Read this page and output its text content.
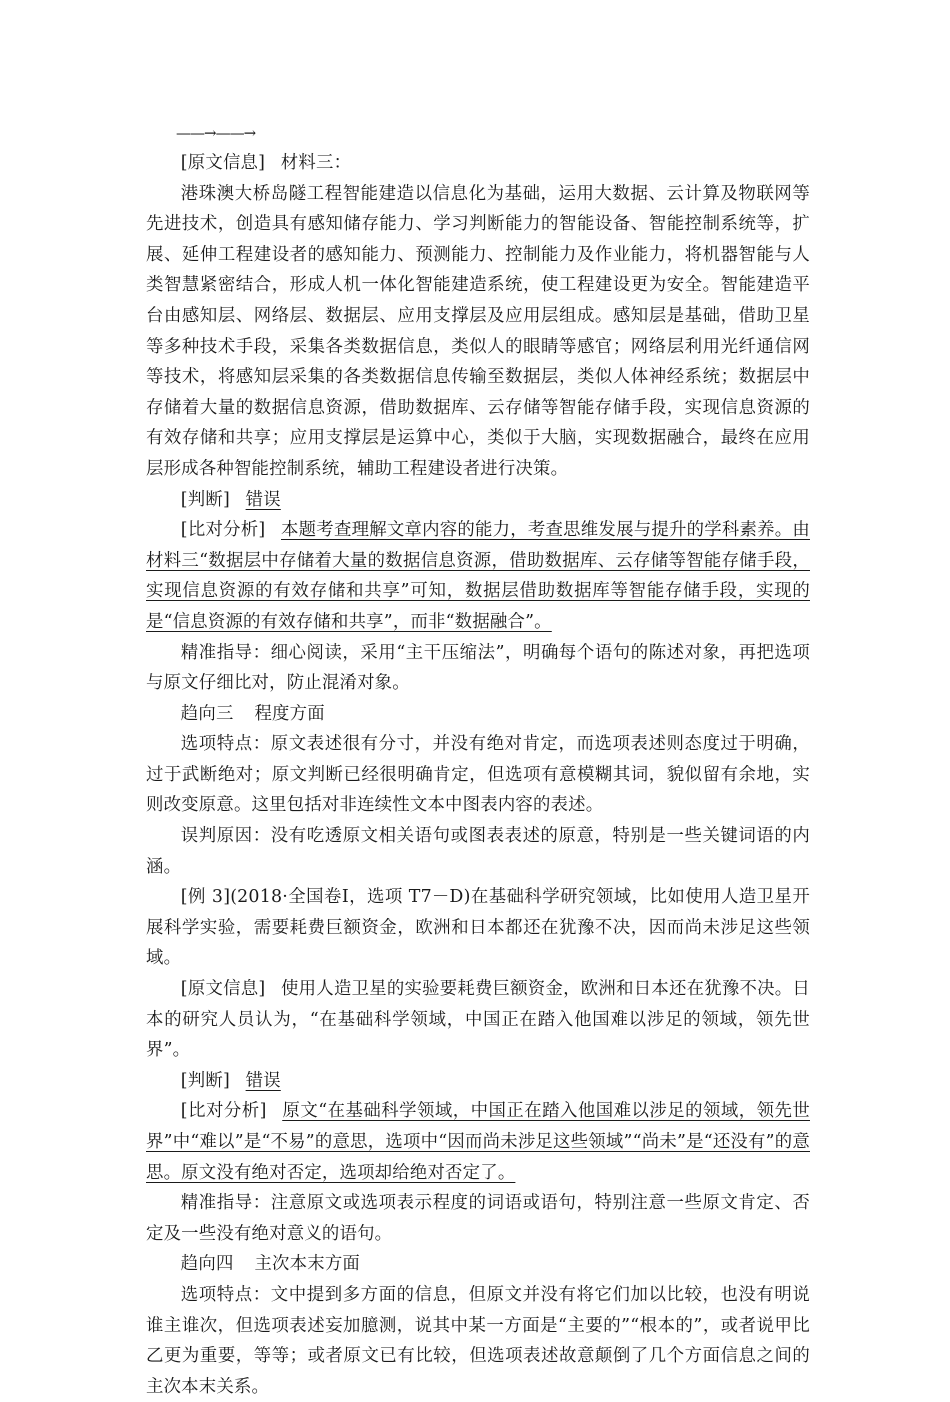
——→——→

[原文信息] 材料三：

港珠澳大桥岛隧工程智能建造以信息化为基础，运用大数据、云计算及物联网等先进技术，创造具有感知储存能力、学习判断能力的智能设备、智能控制系统等，扩展、延伸工程建设者的感知能力、预测能力、控制能力及作业能力，将机器智能与人类智慧紧密结合，形成人机一体化智能建造系统，使工程建设更为安全。智能建造平台由感知层、网络层、数据层、应用支撑层及应用层组成。感知层是基础，借助卫星等多种技术手段，采集各类数据信息，类似人的眼睛等感官；网络层利用光纤通信网等技术，将感知层采集的各类数据信息传输至数据层，类似人体神经系统；数据层中存储着大量的数据信息资源，借助数据库、云存储等智能存储手段，实现信息资源的有效存储和共享；应用支撑层是运算中心，类似于大脑，实现数据融合，最终在应用层形成各种智能控制系统，辅助工程建设者进行决策。

[判断] 错误

[比对分析] 本题考查理解文章内容的能力，考查思维发展与提升的学科素养。由材料三“数据层中存储着大量的数据信息资源，借助数据库、云存储等智能存储手段，实现信息资源的有效存储和共享”可知，数据层借助数据库等智能存储手段，实现的是“信息资源的有效存储和共享”，而非“数据融合”。

精准指导：细心阅读，采用“主干压缩法”，明确每个语句的陈述对象，再把选项与原文仔细比对，防止混淆对象。

趋向三 程度方面

选项特点：原文表述很有分寸，并没有绝对肯定，而选项表述则态度过于明确，过于武断绝对；原文判断已经很明确肯定，但选项有意模糊其词，貌似留有余地，实则改变原意。这里包括对非连续性文本中图表内容的表述。

误判原因：没有吃透原文相关语句或图表表述的原意，特别是一些关键词语的内涵。

[例 3](2018·全国卷Ⅰ，选项 T7－D)在基础科学研究领域，比如使用人造卫星开展科学实验，需要耗费巨额资金，欧洲和日本都还在犹豫不决，因而尚未涉足这些领域。

[原文信息] 使用人造卫星的实验要耗费巨额资金，欧洲和日本还在犹豫不决。日本的研究人员认为，“在基础科学领域，中国正在踏入他国难以涉足的领域，领先世界”。

[判断] 错误

[比对分析] 原文“在基础科学领域，中国正在踏入他国难以涉足的领域，领先世界”中“难以”是“不易”的意思，选项中“因而尚未涉足这些领域”“尚未”是“还没有”的意思。原文没有绝对否定，选项却给绝对否定了。

精准指导：注意原文或选项表示程度的词语或语句，特别注意一些原文肯定、否定及一些没有绝对意义的语句。

趋向四 主次本末方面

选项特点：文中提到多方面的信息，但原文并没有将它们加以比较，也没有明说谁主谁次，但选项表述妄加臆测，说其中某一方面是“主要的”“根本的”，或者说甲比乙更为重要，等等；或者原文已有比较，但选项表述故意颠倒了几个方面信息之间的主次本末关系。
